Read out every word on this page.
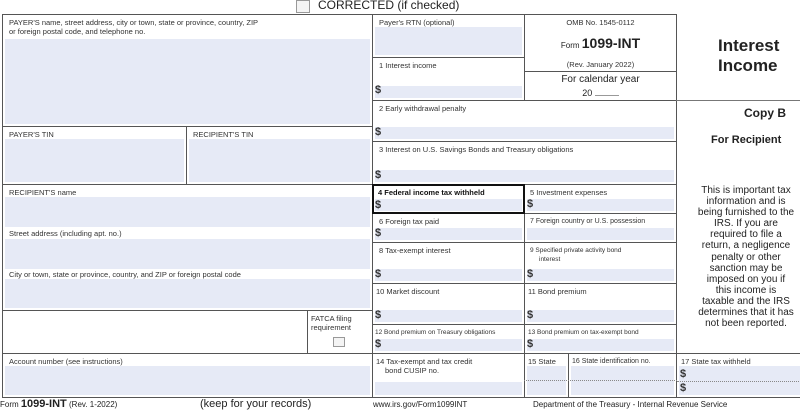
CORRECTED (if checked)
PAYER'S name, street address, city or town, state or province, country, ZIP
or foreign postal code, and telephone no.
PAYER'S TIN	RECIPIENT'S TIN
RECIPIENT'S name
Street address (including apt. no.)
City or town, state or province, country, and ZIP or foreign postal code
FATCA filing
requirement
Account number (see instructions)
Payer's RTN (optional)	OMB No. 1545-0112
Form 1099-INT
(Rev. January 2022)
For calendar year
20
1 Interest income
$
2 Early withdrawal penalty
$
3 Interest on U.S. Savings Bonds and Treasury obligations
$
4 Federal income tax withheld
$
5 Investment expenses
$
6 Foreign tax paid
$
7 Foreign country or U.S. possession
8 Tax-exempt interest
$
9 Specified private activity bond
interest
$
10 Market discount
$
11 Bond premium
$
12 Bond premium on Treasury obligations
$
13 Bond premium on tax-exempt bond
$
14 Tax-exempt and tax credit
bond CUSIP no.
15 State 16 State identification no.	17 State tax withheld
$
$
Interest
Income
Copy B
For Recipient
This is important tax
information and is
being furnished to the
IRS. If you are
required to file a
return, a negligence
penalty or other
sanction may be
imposed on you if
this income is
taxable and the IRS
determines that it has
not been reported.
Form 1099-INT (Rev. 1-2022)	(keep for your records)	www.irs.gov/Form1099INT	Department of the Treasury - Internal Revenue Service
